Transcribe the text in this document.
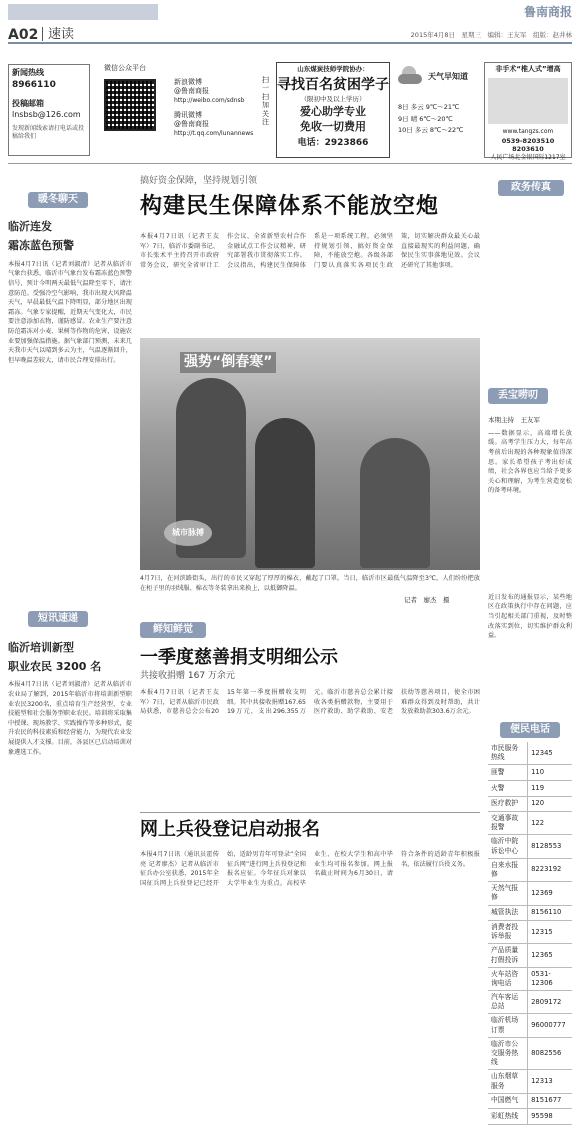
鲁南商报
A02 速读	2015年4月8日　星期三　编辑：王友军　组版：赵井林
新闻热线
8966110
投稿邮箱
lnsbsb@126.com
发现新闻线索请打电话或投稿给我们
微信公众平台
新浪微博
@鲁南商报
http://weibo.com/sdnsb
腾讯微博
@鲁南商报
http://t.qq.com/lunannews
扫一扫加关注
山东煤炭技师学院协办：
寻找百名贫困学子
（限初中及以上学历）
爱心助学专业
免收一切费用
电话：2923866
天气早知道
8日 多云 9℃～21℃
9日 晴 6℃～20℃
10日 多云 8℃～22℃
非手术“椎人式”增高
www.tangzs.com
0539-8203510 8203610
人民广场北金银国际1217室
搞好资金保障，坚持规划引领
构建民生保障体系不能放空炮
政务传真
暖冬聊天
临沂连发
霜冻蓝色预警
本报4月7日讯（记者刘淑清）记者从临沂市气象台获悉，临沂市气象台发布霜冻蓝色预警信号，预计今明两天最低气温降至零下，请注意防范。受强冷空气影响，我市出现大风降温天气，早晨最低气温下降明显，部分地区出现霜冻。气象专家提醒，近期天气变化大，市民要注意添加衣物，谨防感冒。农业生产要注意防范霜冻对小麦、果树等作物的危害，设施农业要加强保温措施。据气象部门预测，未来几天我市天气以晴到多云为主，气温逐渐回升，但早晚温差较大，请市民合理安排出行。
短讯速递
临沂培训新型
职业农民 3200 名
本报4月7日讯（记者刘淑清）记者从临沂市农业局了解到，2015年临沂市将培训新型职业农民3200名，重点培育生产经营型、专业技能型和社会服务型职业农民。培训将采取集中授课、现场教学、实践操作等多种形式，提升农民的科技素质和经营能力，为现代农业发展提供人才支撑。目前，各县区已启动培训对象遴选工作。
本报4月7日讯（记者王友军）7日，临沂市委副书记、市长张术平主持召开市政府常务会议，研究全省审计工作会议、全省新型农村合作金融试点工作会议精神，研究部署我市贯彻落实工作。会议指出，构建民生保障体系是一项系统工程，必须坚持规划引领，搞好资金保障，不能放空炮。各级各部门要认真落实各项民生政策，切实解决群众最关心最直接最现实的利益问题，确保民生实事落地见效。会议还研究了其他事项。
强势“倒春寒”
城市脉搏
4月7日，在河滨路街头，出行的市民又穿起了厚厚的棉衣、戴起了口罩。当日，临沂市区最低气温降至3℃，人们纷纷把放在柜子里的羽绒服、棉衣等冬装拿出来换上，以抵御降温。
记者　廖杰　摄
鲜知鲜觉
一季度慈善捐支明细公示
共接收捐赠 167 万余元
本报4月7日讯（记者王友军）7日，记者从临沂市民政局获悉，市慈善总会公布2015年第一季度捐赠收支明细。其中共接收捐赠167.6519万元，支出296.355万元。临沂市慈善总会累计接收各类捐赠款物，主要用于医疗救助、助学救助、安老扶幼等慈善项目，使全市困难群众得到及时帮助，共计发放救助款303.6万余元。
网上兵役登记启动报名
本报4月7日讯（通讯员霍传亮 记者廖杰）记者从临沂市征兵办公室获悉，2015年全国征兵网上兵役登记已经开始，适龄男青年可登录“全国征兵网”进行网上兵役登记和报名应征。今年征兵对象以大学毕业生为重点，高校毕业生、在校大学生和高中毕业生均可报名参加。网上报名截止时间为6月30日，请符合条件的适龄青年积极报名，依法履行兵役义务。
丢宝唠叨
本期主持　王友军
——数据显示，高端增长放缓。高考学生压力大，每年高考前后出现的各种现象值得深思。家长希望孩子考出好成绩，社会各界也应当给予更多关心和理解，为考生营造宽松的备考环境。
近日发布的通报显示，某些地区在政策执行中存在问题，应当引起相关部门重视，及时整改落实到位，切实维护群众利益。
便民电话
市民服务热线	12345
匪警	110
火警	119
医疗救护	120
交通事故报警	122
临沂中院诉讼中心	8128553
自来水报修	8223192
天然气报修	12369
城管执法	8156110
消费者投诉举报	12315
产品质量打假投诉	12365
火车站咨询电话	0531-12306
汽车客运总站	2809172
临沂机场订票	96000777
临沂市公交服务热线	8082556
山东烟草服务	12313
中国燃气	8151677
彩虹热线	95598
